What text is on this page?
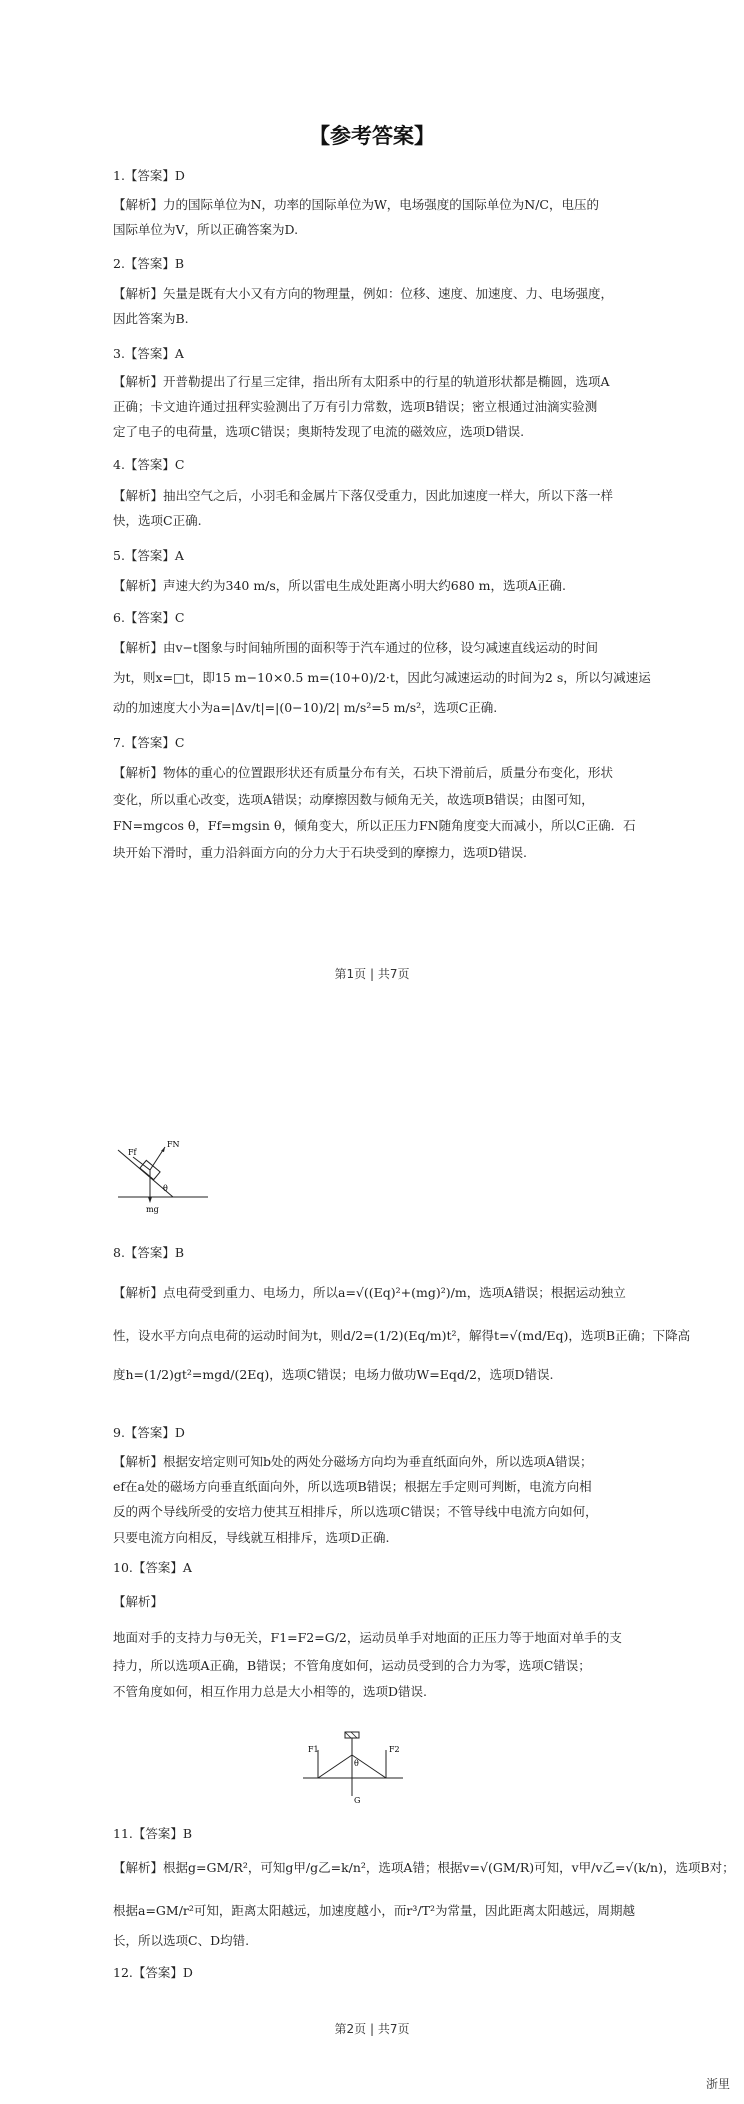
【参考答案】
1.【答案】D
【解析】力的国际单位为N，功率的国际单位为W，电场强度的国际单位为N/C，电压的
国际单位为V，所以正确答案为D.
2.【答案】B
【解析】矢量是既有大小又有方向的物理量，例如：位移、速度、加速度、力、电场强度，
因此答案为B.
3.【答案】A
【解析】开普勒提出了行星三定律，指出所有太阳系中的行星的轨道形状都是椭圆，选项A
正确；卡文迪许通过扭秤实验测出了万有引力常数，选项B错误；密立根通过油滴实验测
定了电子的电荷量，选项C错误；奥斯特发现了电流的磁效应，选项D错误.
4.【答案】C
【解析】抽出空气之后，小羽毛和金属片下落仅受重力，因此加速度一样大，所以下落一样
快，选项C正确.
5.【答案】A
【解析】声速大约为340 m/s，所以雷电生成处距离小明大约680 m，选项A正确.
6.【答案】C
【解析】由v−t图象与时间轴所围的面积等于汽车通过的位移，设匀减速直线运动的时间
为t，则x=□t，即15 m−10×0.5 m=(10+0)/2·t，因此匀减速运动的时间为2 s，所以匀减速运
动的加速度大小为a=|Δv/t|=|(0−10)/2| m/s²=5 m/s²，选项C正确.
7.【答案】C
【解析】物体的重心的位置跟形状还有质量分布有关，石块下滑前后，质量分布变化，形状
变化，所以重心改变，选项A错误；动摩擦因数与倾角无关，故选项B错误；由图可知，
FN=mgcos θ，Ff=mgsin θ，倾角变大，所以正压力FN随角度变大而减小，所以C正确．石
块开始下滑时，重力沿斜面方向的分力大于石块受到的摩擦力，选项D错误.
第1页 | 共7页
Ff
FN
θ
mg
8.【答案】B
【解析】点电荷受到重力、电场力，所以a=√((Eq)²+(mg)²)/m，选项A错误；根据运动独立
性，设水平方向点电荷的运动时间为t，则d/2=(1/2)(Eq/m)t²，解得t=√(md/Eq)，选项B正确；下降高
度h=(1/2)gt²=mgd/(2Eq)，选项C错误；电场力做功W=Eqd/2，选项D错误.
9.【答案】D
【解析】根据安培定则可知b处的两处分磁场方向均为垂直纸面向外，所以选项A错误；
ef在a处的磁场方向垂直纸面向外，所以选项B错误；根据左手定则可判断，电流方向相
反的两个导线所受的安培力使其互相排斥，所以选项C错误；不管导线中电流方向如何，
只要电流方向相反，导线就互相排斥，选项D正确.
10.【答案】A
【解析】
地面对手的支持力与θ无关，F1=F2=G/2，运动员单手对地面的正压力等于地面对单手的支
持力，所以选项A正确，B错误；不管角度如何，运动员受到的合力为零，选项C错误；
不管角度如何，相互作用力总是大小相等的，选项D错误.
11.【答案】B
【解析】根据g=GM/R²，可知g甲/g乙=k/n²，选项A错；根据v=√(GM/R)可知，v甲/v乙=√(k/n)，选项B对；
根据a=GM/r²可知，距离太阳越远，加速度越小，而r³/T²为常量，因此距离太阳越远，周期越
长，所以选项C、D均错.
12.【答案】D
F1	F2
θ
G
第2页 | 共7页
浙里
